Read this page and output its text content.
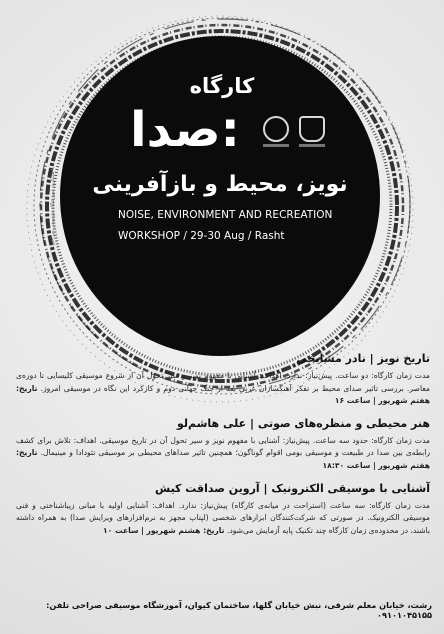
با همکاری آموزشگاه موسیقی صراحی
کارگاه
صدا:
نویز، محیط و بازآفرینی
NOISE, ENVIRONMENT AND RECREATION
WORKSHOP / 29-30 Aug / Rasht
تاریخ نویز | نادر مشایخی

مدت زمان کارگاه: دو ساعت. پیش‌نیاز: ندارد. اهداف: آشنایی با مفهوم نویز و سیر تحول آن از شروع موسیقی کلیسایی تا دوره‌ی معاصر. بررسی تاثیر صدای محیط بر تفکر آهنگسازان غربی بعد از جنگ جهانی دوم و کارکرد این نگاه در موسیقی امروز. تاریخ: هفتم شهریور | ساعت ۱۶

هنر محیطی و منظره‌های صوتی | علی هاشم‌لو

مدت زمان کارگاه: حدود سه ساعت. پیش‌نیاز: آشنایی با مفهوم نویز و سیر تحول آن در تاریخ موسیقی. اهداف: تلاش برای کشف رابطه‌ی بین صدا در طبیعت و موسیقی بومی اقوام گوناگون؛ همچنین تاثیر صداهای محیطی بر موسیقی تئودادا و مینیمال. تاریخ: هفتم شهریور | ساعت ۱۸:۳۰

آشنایی با موسیقی الکترونیک | آروین صداقت کیش

مدت زمان کارگاه: سه ساعت (استراحت در میانه‌ی کارگاه) پیش‌نیاز: ندارد. اهداف: آشنایی اولیه با مبانی زیباشناختی و فنی موسیقی الکترونیک. در صورتی که شرکت‌کنندگان ابزارهای شخصی (لپتاپ مجهز به نرم‌افزارهای ویرایش صدا) به همراه داشته باشند، در محدوده‌ی زمان کارگاه چند تکنیک پایه آزمایش می‌شود. تاریخ: هشتم شهریور | ساعت ۱۰

رشت، خیابان معلم شرقی، نبش خیابان گلها، ساختمان کیوان، آموزشگاه موسیقی صراحی تلفن: ۰۹۱۰۱۰۴۵۱۵۵
